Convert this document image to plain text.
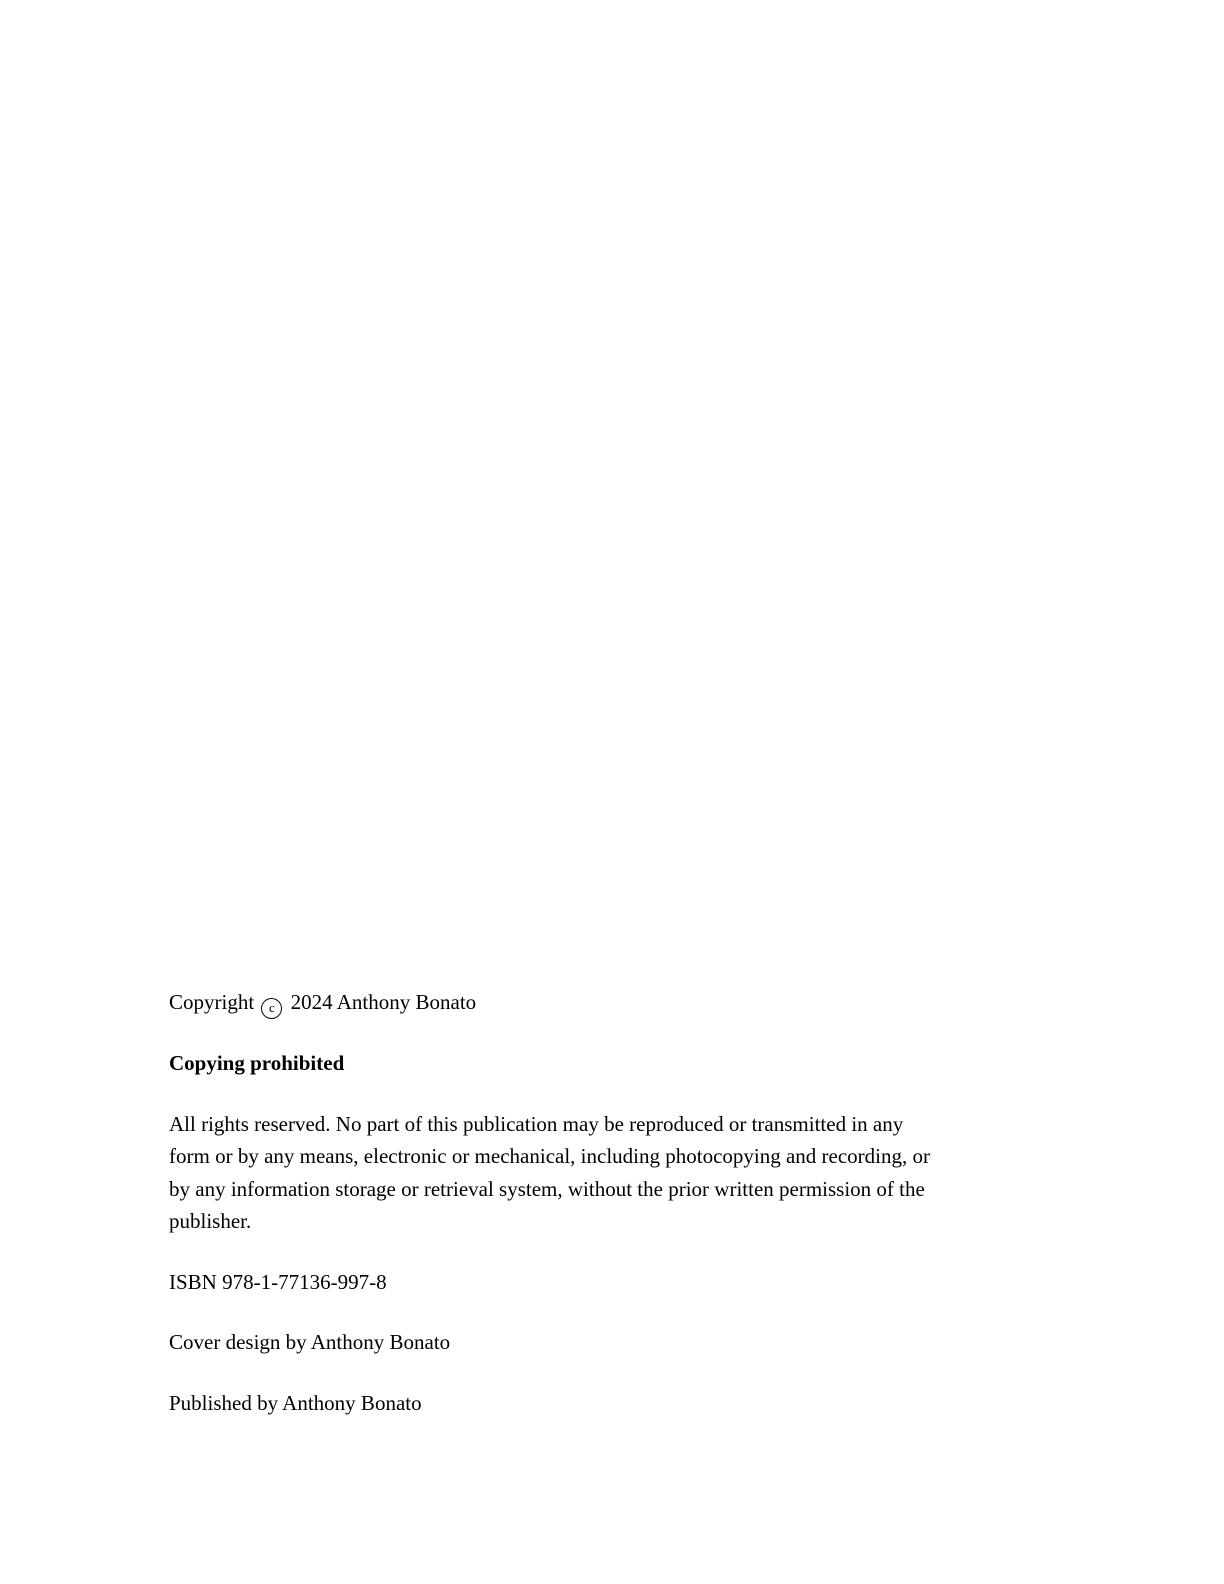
Copyright c 2024 Anthony Bonato

Copying prohibited

All rights reserved. No part of this publication may be reproduced or transmitted in any
form or by any means, electronic or mechanical, including photocopying and recording, or
by any information storage or retrieval system, without the prior written permission of the
publisher.

ISBN 978-1-77136-997-8

Cover design by Anthony Bonato

Published by Anthony Bonato
